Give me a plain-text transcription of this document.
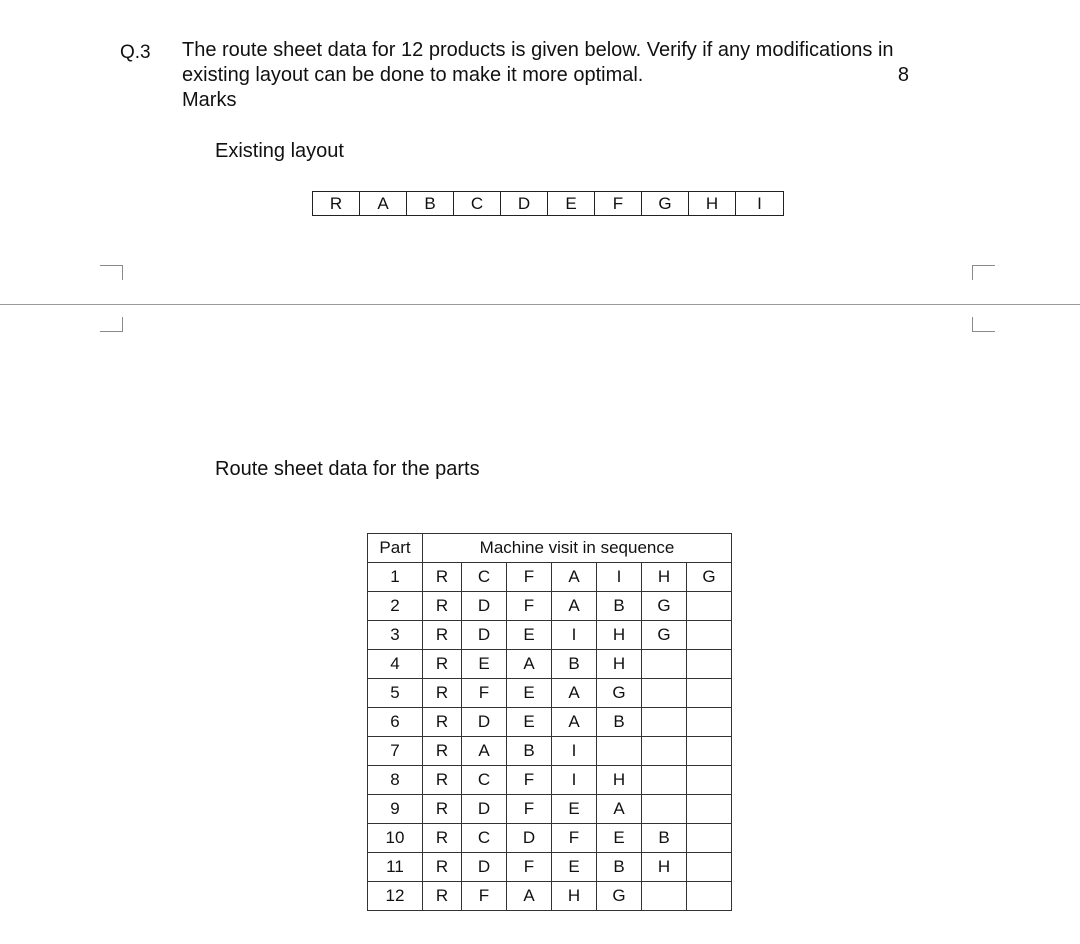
Q.3 The route sheet data for 12 products is given below. Verify if any modifications in
existing layout can be done to make it more optimal.	8
Marks
Existing layout
R	A	B	C	D	E	F	G	H	I
Route sheet data for the parts
Part	Machine visit in sequence						
1	R	C	F	A	I	H	G
2	R	D	F	A	B	G	
3	R	D	E	I	H	G	
4	R	E	A	B	H		
5	R	F	E	A	G		
6	R	D	E	A	B		
7	R	A	B	I			
8	R	C	F	I	H		
9	R	D	F	E	A		
10	R	C	D	F	E	B	
11	R	D	F	E	B	H	
12	R	F	A	H	G		
